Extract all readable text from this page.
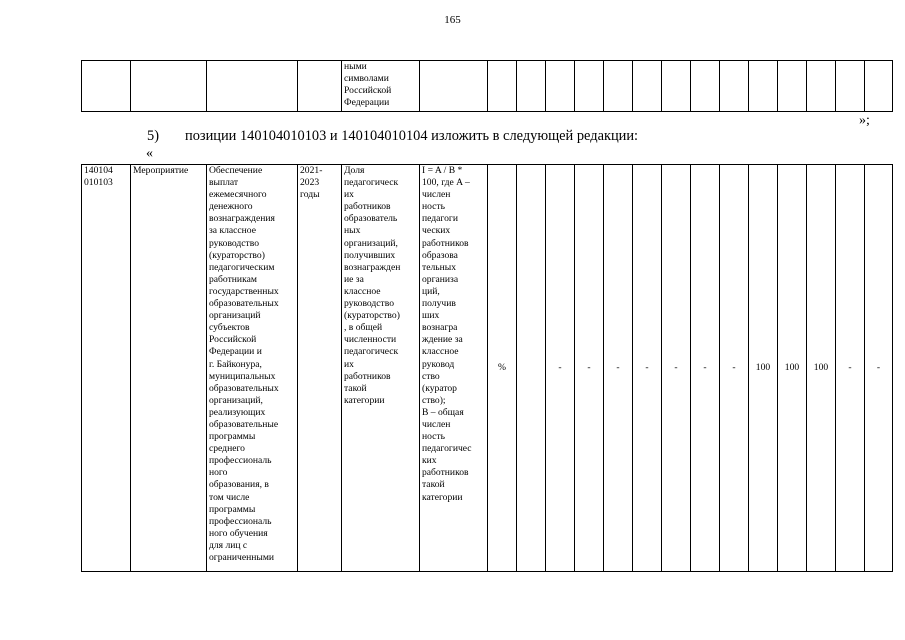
165
				ными
символами
Российской
Федерации															
»;
5) позиции 140104010103 и 140104010104 изложить в следующей редакции:
«
140104
010103	Мероприятие	Обеспечение
выплат
ежемесячного
денежного
вознаграждения
за классное
руководство
(кураторство)
педагогическим
работникам
государственных
образовательных
организаций
субъектов
Российской
Федерации и
г. Байконура,
муниципальных
образовательных
организаций,
реализующих
образовательные
программы
среднего
профессиональ
ного
образования, в
том числе
программы
профессиональ
ного обучения
для лиц с
ограниченными	2021-
2023
годы	Доля
педагогическ
их
работников
образователь
ных
организаций,
получивших
вознагражден
ие за
классное
руководство
(кураторство)
, в общей
численности
педагогическ
их
работников
такой
категории	I = A / B *
100, где A –
числен
ность
педагоги
ческих
работников
образова
тельных
организа
ций,
получив
ших
вознагра
ждение за
классное
руковод
ство
(куратор
ство);
B – общая
числен
ность
педагогичес
ких
работников
такой
категории	%		-	-	-	-	-	-	-	100	100	100	-	-
